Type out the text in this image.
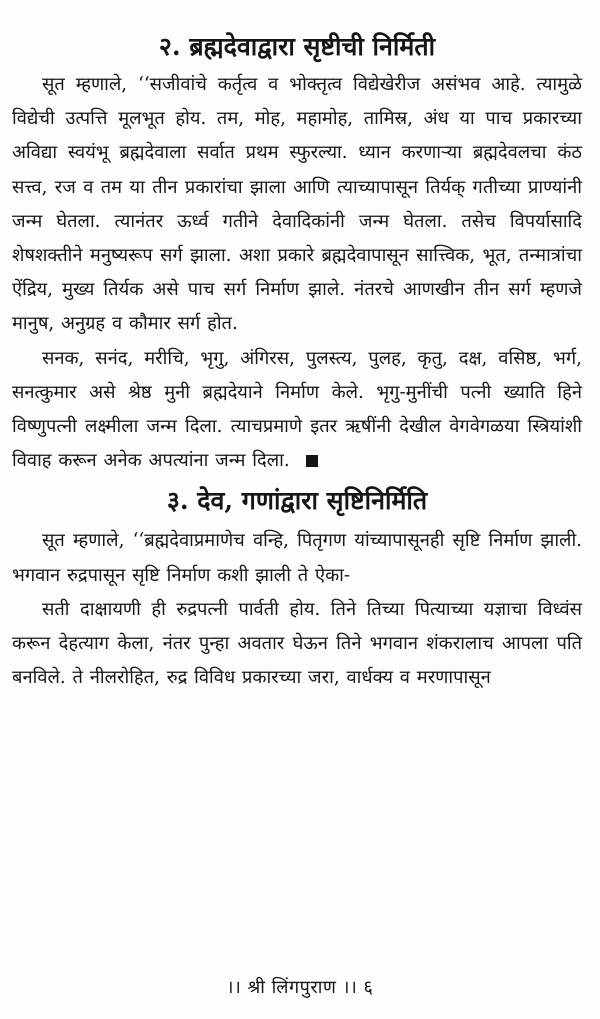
२. ब्रह्मदेवाद्वारा सृष्टीची निर्मिती

सूत म्हणाले, ‘‘सजीवांचे कर्तृत्व व भोक्तृत्व विद्येखेरीज असंभव आहे. त्यामुळे विद्येची उत्पत्ति मूलभूत होय. तम, मोह, महामोह, तामिस्र, अंध या पाच प्रकारच्या अविद्या स्वयंभू ब्रह्मदेवाला सर्वात प्रथम स्फुरल्या. ध्यान करणाऱ्या ब्रह्मदेवलचा कंठ सत्त्व, रज व तम या तीन प्रकारांचा झाला आणि त्याच्यापासून तिर्यक् गतीच्या प्राण्यांनी जन्म घेतला. त्यानंतर ऊर्ध्व गतीने देवादिकांनी जन्म घेतला. तसेच विपर्यासादि शेषशक्तीने मनुष्यरूप सर्ग झाला. अशा प्रकारे ब्रह्मदेवापासून सात्त्विक, भूत, तन्मात्रांचा ऐंद्रिय, मुख्य तिर्यक असे पाच सर्ग निर्माण झाले. नंतरचे आणखीन तीन सर्ग म्हणजे मानुष, अनुग्रह व कौमार सर्ग होत.

सनक, सनंद, मरीचि, भृगु, अंगिरस, पुलस्त्य, पुलह, कृतु, दक्ष, वसिष्ठ, भर्ग, सनत्कुमार असे श्रेष्ठ मुनी ब्रह्मदेयाने निर्माण केले. भृगु-मुनींची पत्नी ख्याति हिने विष्णुपत्नी लक्ष्मीला जन्म दिला. त्याचप्रमाणे इतर ऋषींनी देखील वेगवेगळया स्त्रियांशी विवाह करून अनेक अपत्यांना जन्म दिला.

३. देव, गणांद्वारा सृष्टिनिर्मिति

सूत म्हणाले, ‘‘ब्रह्मदेवाप्रमाणेच वन्हि, पितृगण यांच्यापासूनही सृष्टि निर्माण झाली. भगवान रुद्रपासून सृष्टि निर्माण कशी झाली ते ऐका-

सती दाक्षायणी ही रुद्रपत्नी पार्वती होय. तिने तिच्या पित्याच्या यज्ञाचा विध्वंस करून देहत्याग केला, नंतर पुन्हा अवतार घेऊन तिने भगवान शंकरालाच आपला पति बनविले. ते नीलरोहित, रुद्र विविध प्रकारच्या जरा, वार्धक्य व मरणापासून

।। श्री लिंगपुराण ।। ६
